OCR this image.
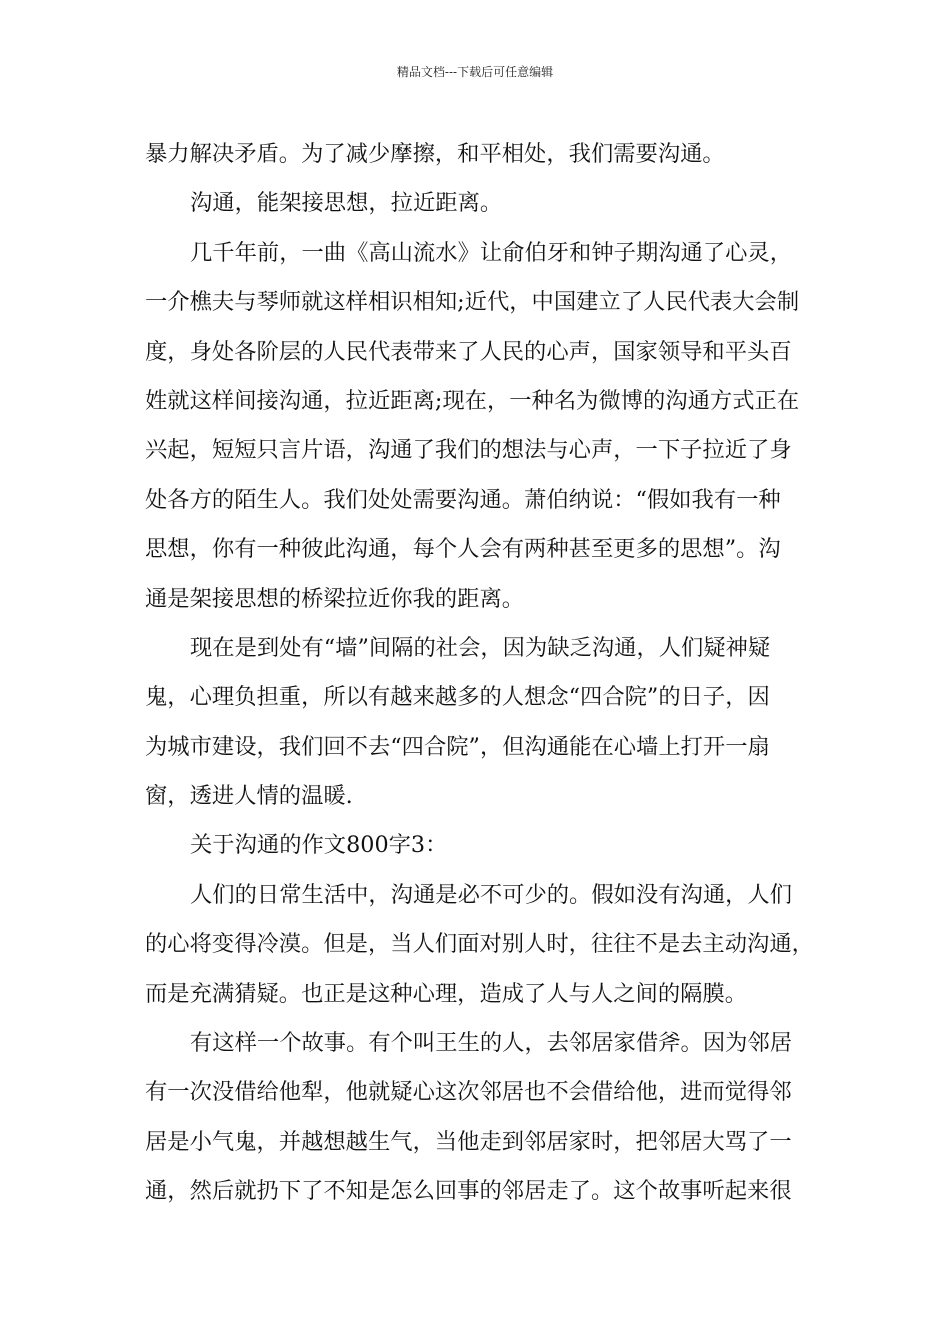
精品文档---下载后可任意编辑
暴力解决矛盾。为了减少摩擦，和平相处，我们需要沟通。
沟通，能架接思想，拉近距离。
几千年前，一曲《高山流水》让俞伯牙和钟子期沟通了心灵，
一介樵夫与琴师就这样相识相知;近代，中国建立了人民代表大会制
度，身处各阶层的人民代表带来了人民的心声，国家领导和平头百
姓就这样间接沟通，拉近距离;现在，一种名为微博的沟通方式正在
兴起，短短只言片语，沟通了我们的想法与心声，一下子拉近了身
处各方的陌生人。我们处处需要沟通。萧伯纳说：“假如我有一种
思想，你有一种彼此沟通，每个人会有两种甚至更多的思想”。沟
通是架接思想的桥梁拉近你我的距离。
现在是到处有“墙”间隔的社会，因为缺乏沟通，人们疑神疑
鬼，心理负担重，所以有越来越多的人想念“四合院”的日子，因
为城市建设，我们回不去“四合院”，但沟通能在心墙上打开一扇
窗，透进人情的温暖.
关于沟通的作文800字3：
人们的日常生活中，沟通是必不可少的。假如没有沟通，人们
的心将变得冷漠。但是，当人们面对别人时，往往不是去主动沟通，
而是充满猜疑。也正是这种心理，造成了人与人之间的隔膜。
有这样一个故事。有个叫王生的人，去邻居家借斧。因为邻居
有一次没借给他犁，他就疑心这次邻居也不会借给他，进而觉得邻
居是小气鬼，并越想越生气，当他走到邻居家时，把邻居大骂了一
通，然后就扔下了不知是怎么回事的邻居走了。这个故事听起来很
